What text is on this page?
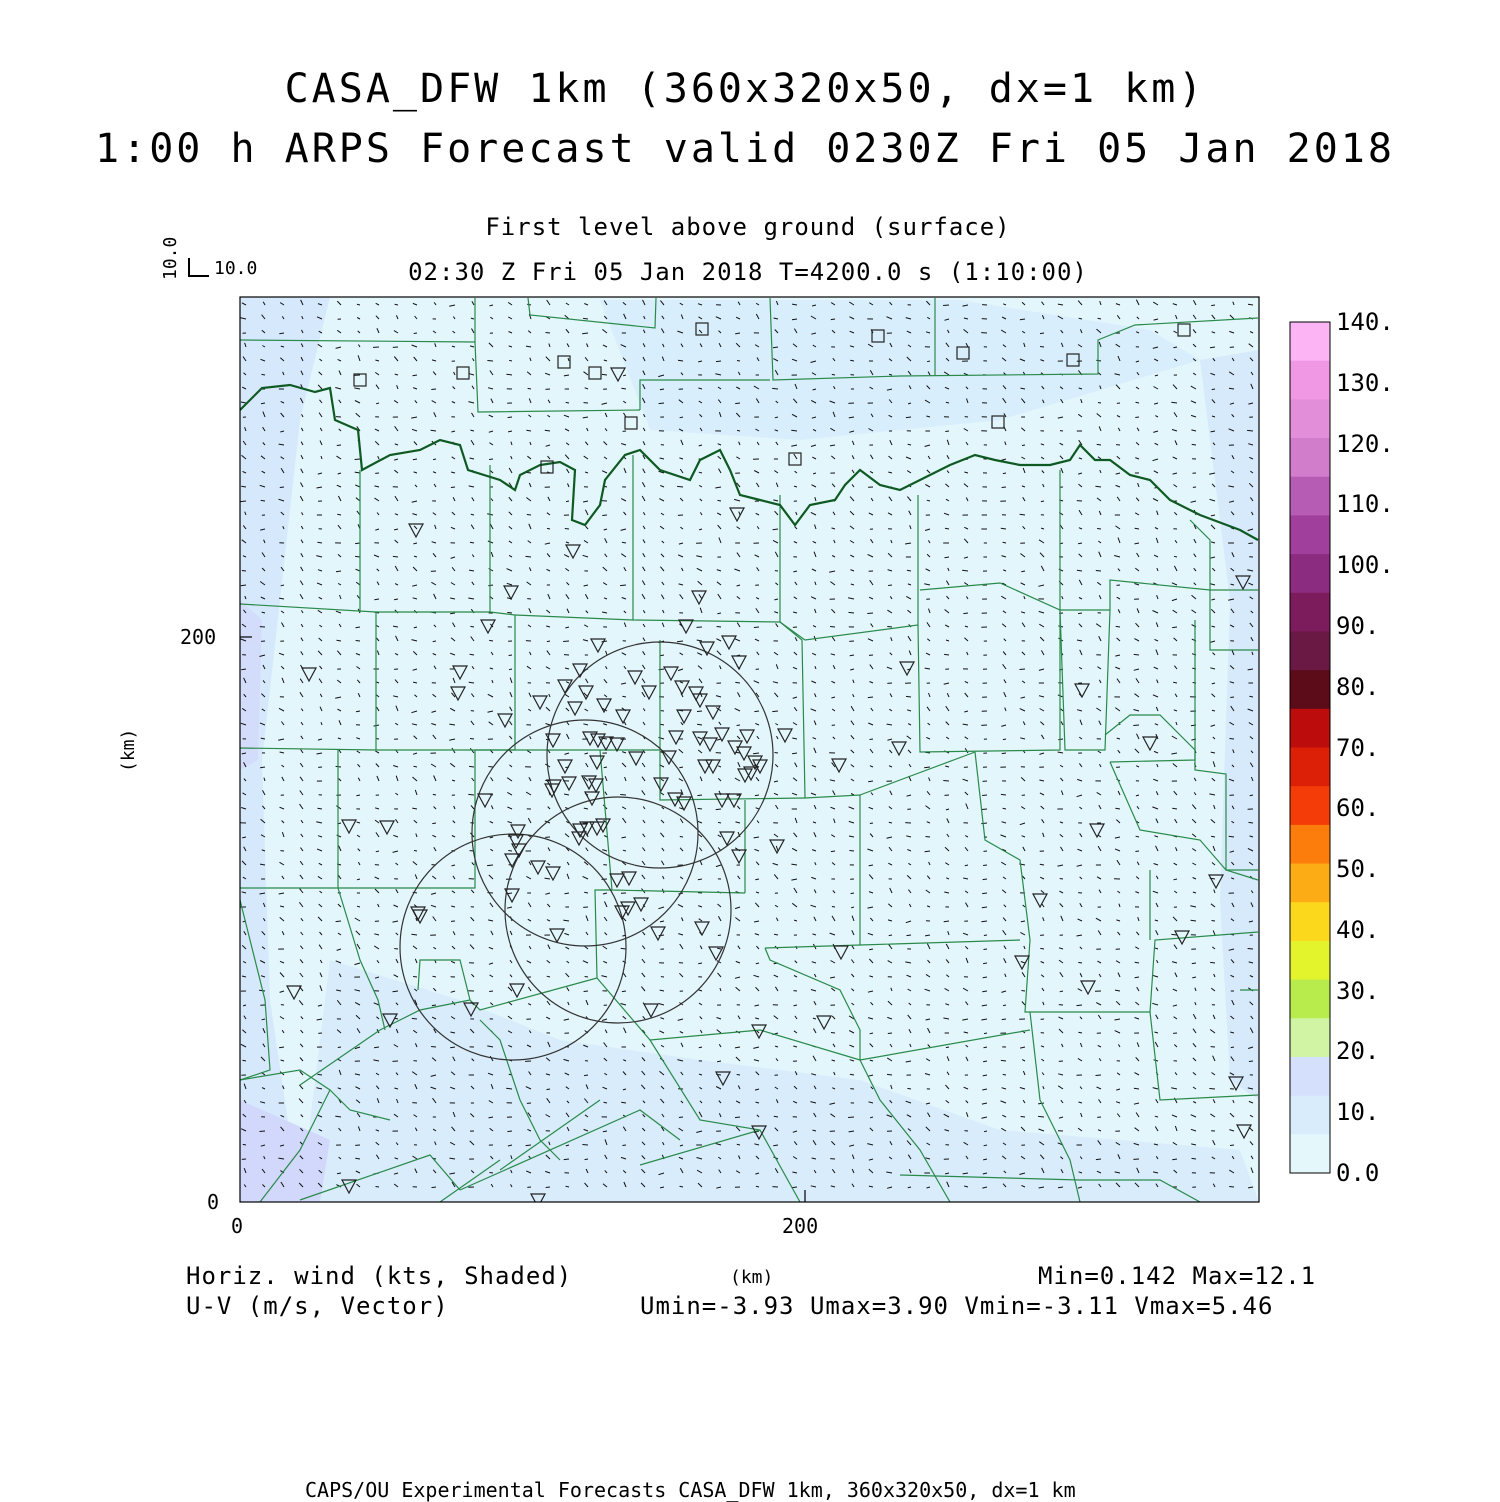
CASA_DFW 1km (360x320x50, dx=1 km)
1:00 h ARPS Forecast valid 0230Z Fri 05 Jan 2018
First level above ground (surface)
02:30 Z Fri 05 Jan 2018 T=4200.0 s (1:10:00)
10.0 10.0
200
0
0	200
(km)
140.
130.
120.
110.
100.
90.
80.
70.
60.
50.
40.
30.
20.
10.
0.0
Horiz. wind (kts, Shaded)
U-V (m/s, Vector)
(km)	Min=0.142 Max=12.1
Umin=-3.93 Umax=3.90 Vmin=-3.11 Vmax=5.46
CAPS/OU Experimental Forecasts CASA_DFW 1km, 360x320x50, dx=1 km
